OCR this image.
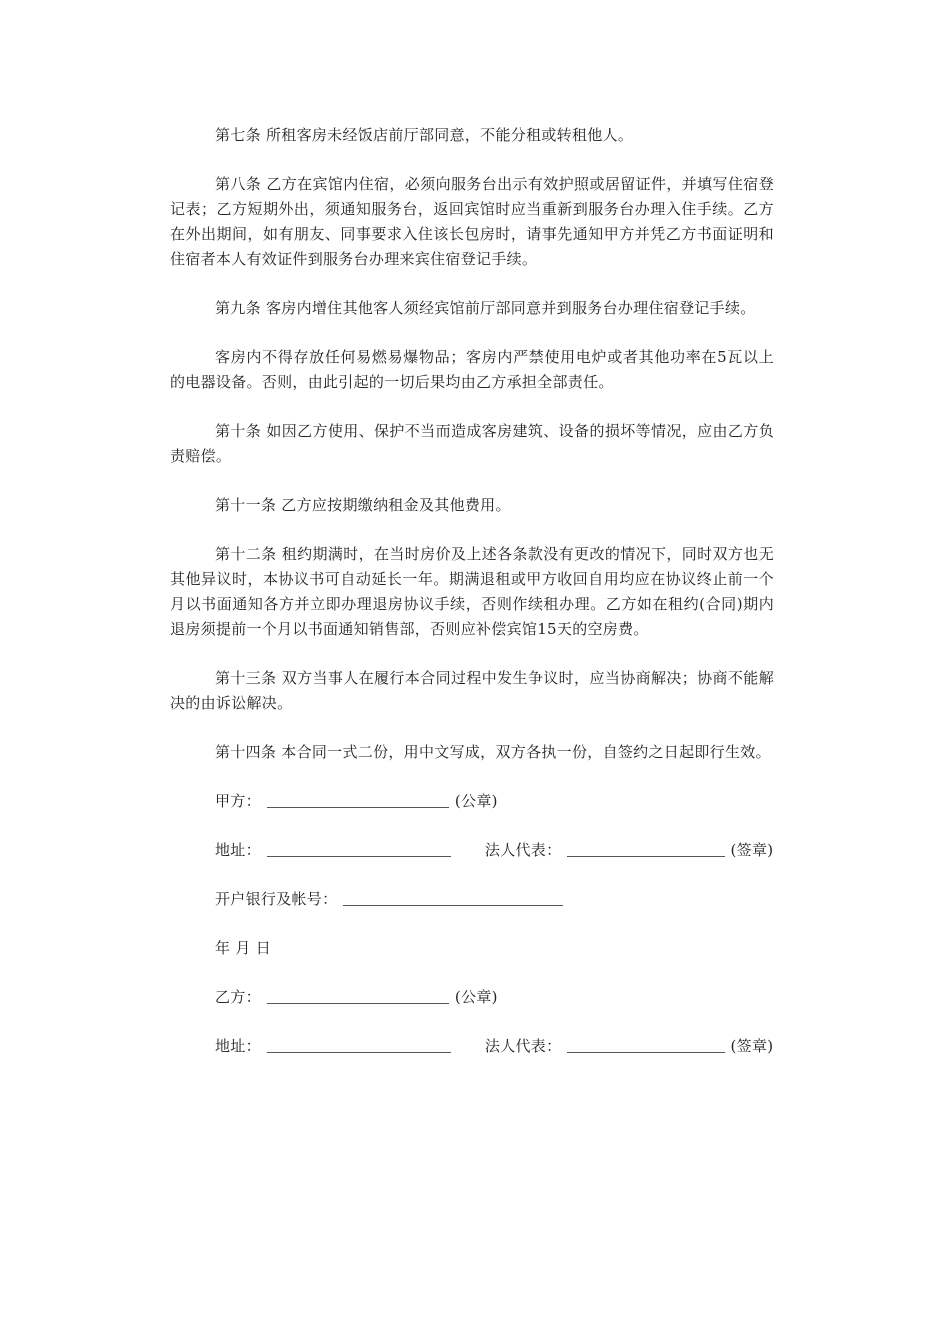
第七条 所租客房未经饭店前厅部同意，不能分租或转租他人。

第八条 乙方在宾馆内住宿，必须向服务台出示有效护照或居留证件，并填写住宿登记表；乙方短期外出，须通知服务台，返回宾馆时应当重新到服务台办理入住手续。乙方在外出期间，如有朋友、同事要求入住该长包房时，请事先通知甲方并凭乙方书面证明和住宿者本人有效证件到服务台办理来宾住宿登记手续。

第九条 客房内增住其他客人须经宾馆前厅部同意并到服务台办理住宿登记手续。

客房内不得存放任何易燃易爆物品；客房内严禁使用电炉或者其他功率在5瓦以上的电器设备。否则，由此引起的一切后果均由乙方承担全部责任。

第十条 如因乙方使用、保护不当而造成客房建筑、设备的损坏等情况，应由乙方负责赔偿。

第十一条 乙方应按期缴纳租金及其他费用。

第十二条 租约期满时，在当时房价及上述各条款没有更改的情况下，同时双方也无其他异议时，本协议书可自动延长一年。期满退租或甲方收回自用均应在协议终止前一个月以书面通知各方并立即办理退房协议手续，否则作续租办理。乙方如在租约(合同)期内退房须提前一个月以书面通知销售部，否则应补偿宾馆15天的空房费。

第十三条 双方当事人在履行本合同过程中发生争议时，应当协商解决；协商不能解决的由诉讼解决。

第十四条 本合同一式二份，用中文写成，双方各执一份，自签约之日起即行生效。

甲方：	(公章)
地址：	法人代表：	(签章)
开户银行及帐号：
年 月 日
乙方：	(公章)
地址：	法人代表：	(签章)
